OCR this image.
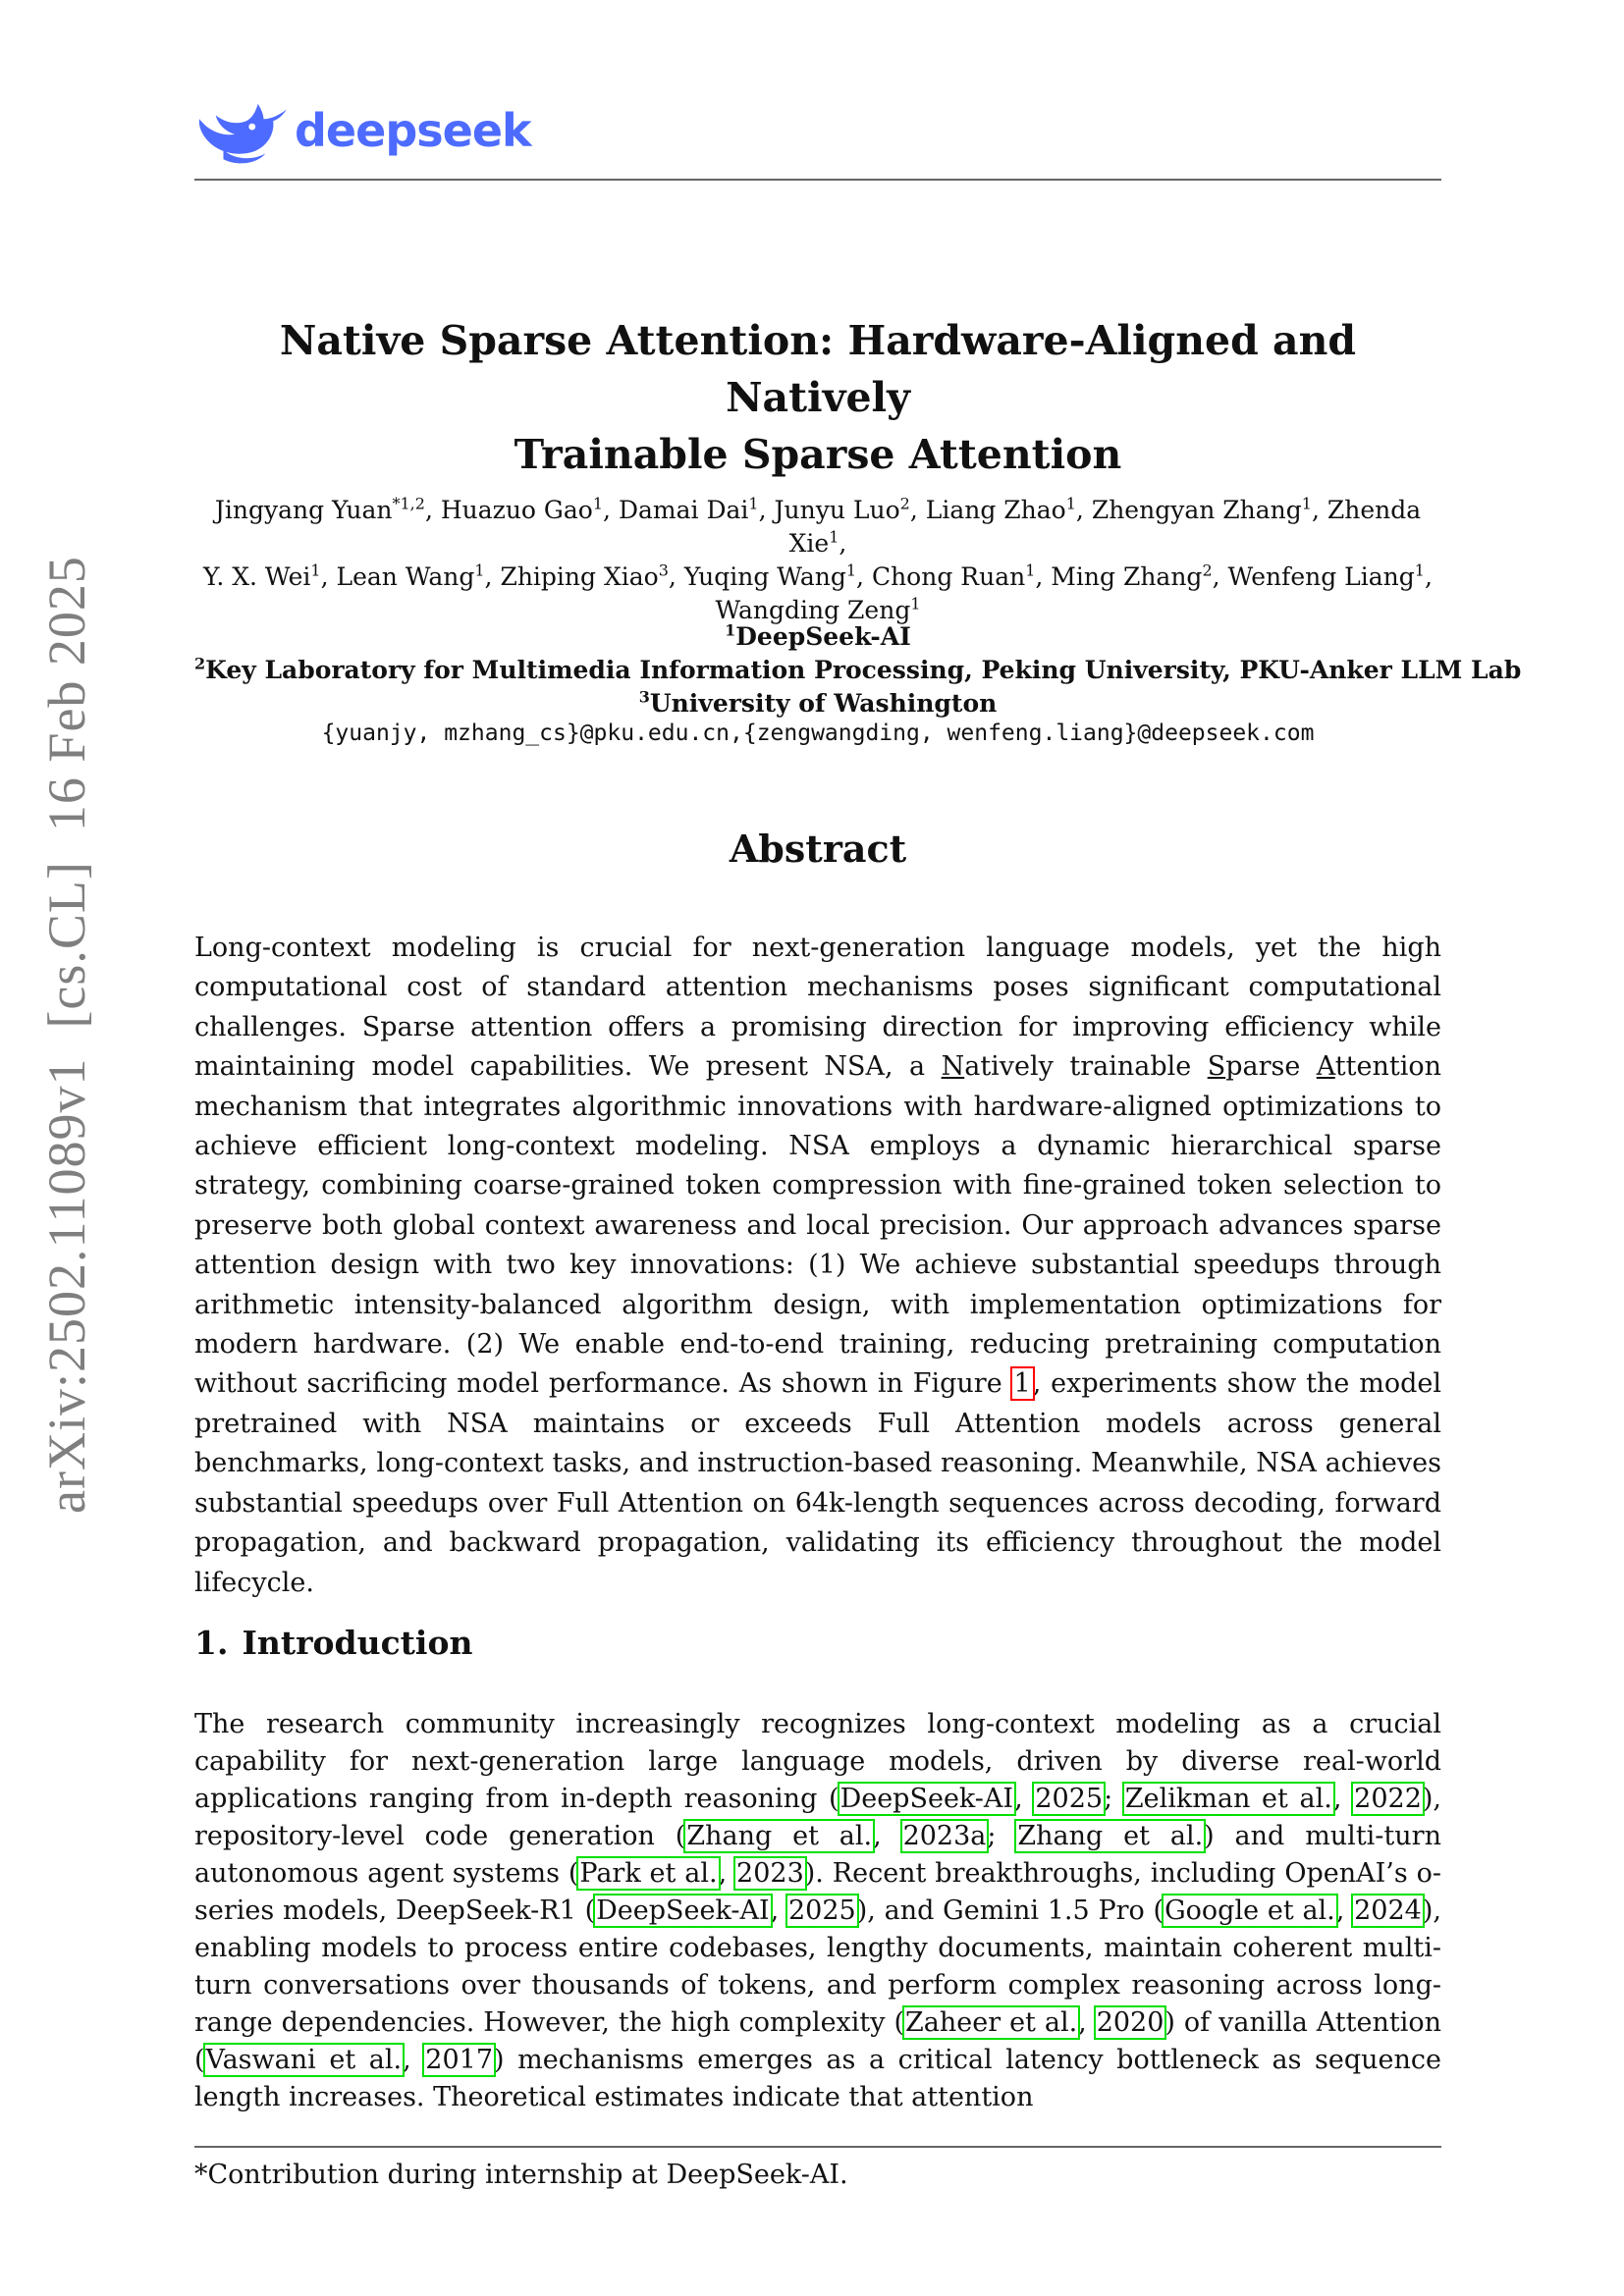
arXiv:2502.11089v1[cs.CL]16 Feb 2025
deepseek
Native Sparse Attention: Hardware-Aligned and Natively
Trainable Sparse Attention
Jingyang Yuan$^{*1,2}$, Huazuo Gao$^1$, Damai Dai$^1$, Junyu Luo$^2$, Liang Zhao$^1$, Zhengyan Zhang$^1$, Zhenda Xie$^1$,
Y. X. Wei$^1$, Lean Wang$^1$, Zhiping Xiao$^3$, Yuqing Wang$^1$, Chong Ruan$^1$, Ming Zhang$^2$, Wenfeng Liang$^1$,
Wangding Zeng$^1$
$^1$DeepSeek-AI
$^2$Key Laboratory for Multimedia Information Processing, Peking University, PKU-Anker LLM Lab
$^3$University of Washington
{yuanjy, mzhang_cs}@pku.edu.cn,{zengwangding, wenfeng.liang}@deepseek.com
Abstract

Long-context modeling is crucial for next-generation language models, yet the high computational cost of standard attention mechanisms poses significant computational challenges. Sparse attention offers a promising direction for improving efficiency while maintaining model capabilities. We present NSA, a Natively trainable Sparse Attention mechanism that integrates algorithmic innovations with hardware-aligned optimizations to achieve efficient long-context modeling. NSA employs a dynamic hierarchical sparse strategy, combining coarse-grained token compression with fine-grained token selection to preserve both global context awareness and local precision. Our approach advances sparse attention design with two key innovations: (1) We achieve substantial speedups through arithmetic intensity-balanced algorithm design, with implementation optimizations for modern hardware. (2) We enable end-to-end training, reducing pretraining computation without sacrificing model performance. As shown in Figure 1, experiments show the model pretrained with NSA maintains or exceeds Full Attention models across general benchmarks, long-context tasks, and instruction-based reasoning. Meanwhile, NSA achieves substantial speedups over Full Attention on 64k-length sequences across decoding, forward propagation, and backward propagation, validating its efficiency throughout the model lifecycle.

1. Introduction

The research community increasingly recognizes long-context modeling as a crucial capability for next-generation large language models, driven by diverse real-world applications ranging from in-depth reasoning (DeepSeek-AI, 2025; Zelikman et al., 2022), repository-level code generation (Zhang et al., 2023a; Zhang et al.) and multi-turn autonomous agent systems (Park et al., 2023). Recent breakthroughs, including OpenAI’s o-series models, DeepSeek-R1 (DeepSeek-AI, 2025), and Gemini 1.5 Pro (Google et al., 2024), enabling models to process entire codebases, lengthy documents, maintain coherent multi-turn conversations over thousands of tokens, and perform complex reasoning across long-range dependencies. However, the high complexity (Zaheer et al., 2020) of vanilla Attention (Vaswani et al., 2017) mechanisms emerges as a critical latency bottleneck as sequence length increases. Theoretical estimates indicate that attention

*Contribution during internship at DeepSeek-AI.
